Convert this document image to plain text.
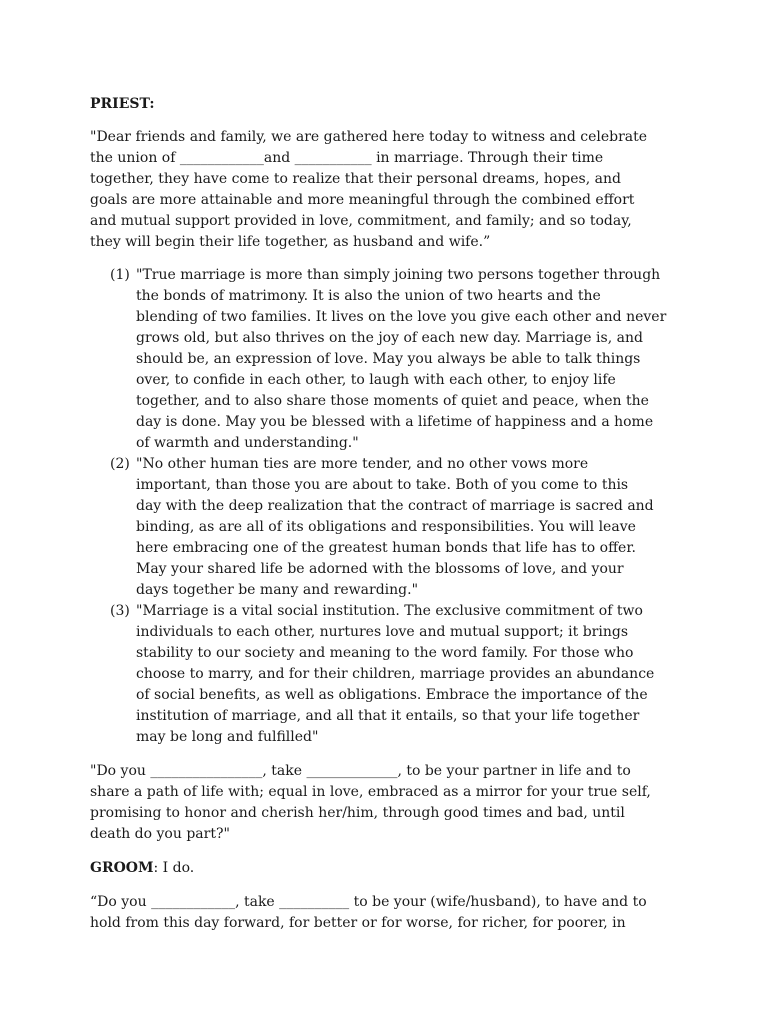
PRIEST:
"Dear friends and family, we are gathered here today to witness and celebrate
the union of ____________and ___________ in marriage. Through their time
together, they have come to realize that their personal dreams, hopes, and
goals are more attainable and more meaningful through the combined effort
and mutual support provided in love, commitment, and family; and so today,
they will begin their life together, as husband and wife.”
(1) "True marriage is more than simply joining two persons together through
the bonds of matrimony. It is also the union of two hearts and the
blending of two families. It lives on the love you give each other and never
grows old, but also thrives on the joy of each new day. Marriage is, and
should be, an expression of love. May you always be able to talk things
over, to confide in each other, to laugh with each other, to enjoy life
together, and to also share those moments of quiet and peace, when the
day is done. May you be blessed with a lifetime of happiness and a home
of warmth and understanding."
(2) "No other human ties are more tender, and no other vows more
important, than those you are about to take. Both of you come to this
day with the deep realization that the contract of marriage is sacred and
binding, as are all of its obligations and responsibilities. You will leave
here embracing one of the greatest human bonds that life has to offer.
May your shared life be adorned with the blossoms of love, and your
days together be many and rewarding."
(3) "Marriage is a vital social institution. The exclusive commitment of two
individuals to each other, nurtures love and mutual support; it brings
stability to our society and meaning to the word family. For those who
choose to marry, and for their children, marriage provides an abundance
of social benefits, as well as obligations. Embrace the importance of the
institution of marriage, and all that it entails, so that your life together
may be long and fulfilled"
"Do you ________________, take _____________, to be your partner in life and to
share a path of life with; equal in love, embraced as a mirror for your true self,
promising to honor and cherish her/him, through good times and bad, until
death do you part?"
GROOM: I do.
“Do you ____________, take __________ to be your (wife/husband), to have and to
hold from this day forward, for better or for worse, for richer, for poorer, in
